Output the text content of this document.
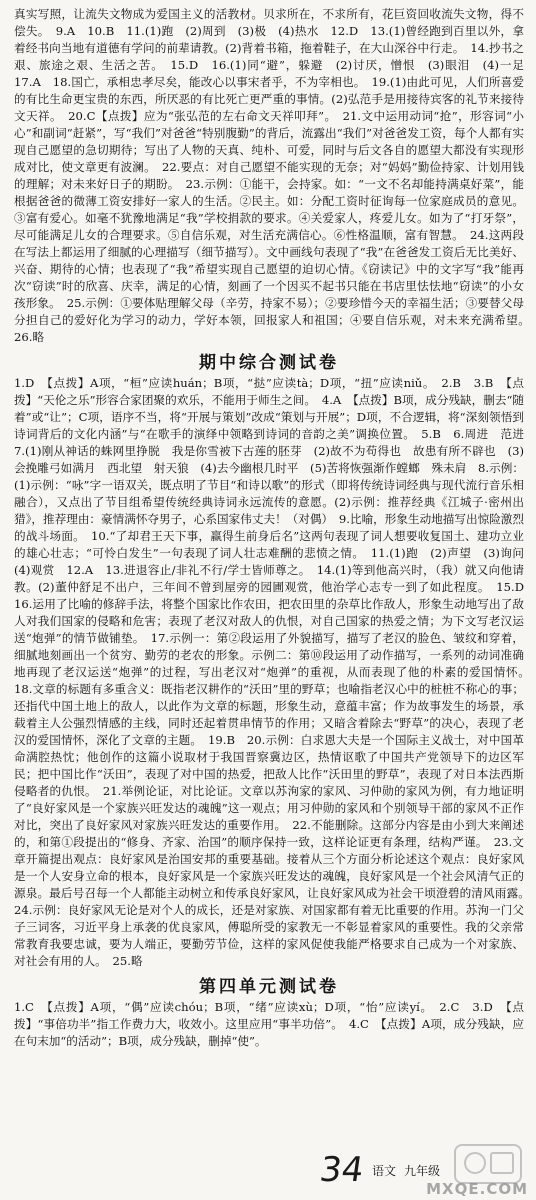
真实写照，让流失文物成为爱国主义的活教材。贝求所在，不求所有，花巨资回收流失文物，得不偿失。　9.A　10.B　11.(1)跑　(2)周到　(3)极　(4)热水　12.D　13.(1)曾经跑到百里以外，拿着经书向当地有道德有学问的前辈请教。(2)背着书箱，拖着鞋子，在大山深谷中行走。　14.抄书之艰、旅途之艰、生活之苦。　15.D　16.(1)同“避”，躲避　(2)讨厌，憎恨　(3)眼泪　(4)一足　17.A　18.国亡，承相忠孝尽矣，能改心以事宋者乎，不为宰相也。　19.(1)由此可见，人们所喜爱的有比生命更宝贵的东西，所厌恶的有比死亡更严重的事情。(2)弘范手是用接待宾客的礼节来接待文天祥。　20.C【点拨】应为“张弘范的左右命文天祥叩拜”。　21.文中运用动词“抢”，形容词“小心”和副词“赶紧”，写“我们”对爸爸“特别腹勤”的背后，流露出“我们”对爸爸发工资，每个人都有实现自己愿望的急切期待；写出了人物的天真、纯朴、可爱，同时与后文各自的愿望大都没有实现形成对比，使文章更有波澜。　22.要点：对自己愿望不能实现的无奈；对“妈妈”勤俭持家、计划用钱的理解；对未来好日子的期盼。　23.示例：①能干，会持家。如：“一文不名却能持满桌好菜”，能根据爸爸的微薄工资安排好一家人的生活。②民主。如：分配工资时征询每一位家庭成员的意见。③富有爱心。如毫不犹豫地满足“我”学校捐款的要求。④关爱家人，疼爱儿女。如为了“打牙祭”，尽可能满足儿女的合理要求。⑤自信乐观，对生活充满信心。⑥性格温顺，富有智慧。　24.这两段在写法上都运用了细腻的心理描写（细节描写）。文中画线句表现了“我”在爸爸发工资后无比美好、兴奋、期待的心情；也表现了“我”希望实现自己愿望的迫切心情。《窃读记》中的文字写“我”能再次“窃读”时的欣喜、庆幸，满足的心情，刻画了一个因买不起书只能在书店里怯怯地“窃读”的小女孩形象。　25.示例：①要体贴理解父母（辛劳，持家不易）；②要珍惜今天的幸福生活；③要替父母分担自己的爱好化为学习的动力，学好本领，回报家人和祖国；④要自信乐观，对未来充满希望。　26.略

期中综合测试卷

1.D　【点拨】A项，“桓”应读huán；B项，“挞”应读tà；D项，“扭”应读niǔ。　2.B　3.B　【点拨】“天伦之乐”形容合家团聚的欢乐，不能用于师生之间。　4.A　【点拨】B项，成分残缺，删去“随着”或“让”；C项，语序不当，将“开展与策划”改成“策划与开展”；D项，不合逻辑，将“深刻领悟到诗词背后的文化内涵”与“在歌手的演绎中领略到诗词的音韵之美”调换位置。　5.B　6.周进　范进　7.(1)刚从神话的蛛网里挣脱　我是你雪被下古莲的胚芽　(2)故不为苟得也　故患有所不辟也　(3)会挽雕弓如满月　西北望　射天狼　(4)去今幽根几时平　(5)苦将恢强渐作螳螂　殊未肩　8.示例：(1)示例：“咏”字一语双关，既点明了节目“和诗以歌”的形式（即将传统诗词经典与现代流行音乐相融合），又点出了节目组希望传统经典诗词永远流传的意愿。(2)示例：推荐经典《江城子·密州出猎》，推荐理由：豪情满怀夺男子，心系国家伟丈夫！（对偶）　9.比喻，形象生动地描写出惊险激烈的战斗场面。　10.“了却君王天下事，赢得生前身后名”这两句表现了词人想要收复国土、建功立业的雄心壮志；“可怜白发生”一句表现了词人壮志难酬的悲愤之情。　11.(1)跑　(2)声望　(3)询问　(4)观赏　12.A　13.进退容止/非礼不行/学士皆师尊之。　14.(1)等到他高兴时，（我）就又向他请教。(2)董仲舒足不出户，三年间不曾到屋旁的园圃观赏，他治学心志专一到了如此程度。　15.D　16.运用了比喻的修辞手法，将整个国家比作农田，把农田里的杂草比作敌人，形象生动地写出了敌人对我们国家的侵略和危害；表现了老汉对敌人的仇恨，对自己国家的热爱之情；为下文写老汉运送“炮弹”的情节做铺垫。　17.示例一：第②段运用了外貌描写，描写了老汉的脸色、皱纹和穿着，细腻地刻画出一个贫穷、勤劳的老农的形象。示例二：第⑩段运用了动作描写，一系列的动词准确地再现了老汉运送“炮弹”的过程，写出老汉对“炮弹”的重视，从而表现了他的朴素的爱国情怀。　18.文章的标题有多重含义：既指老汉耕作的“沃田”里的野草；也喻指老汉心中的桩桩不称心的事；还指代中国土地上的敌人，以此作为文章的标题，形象生动，意蕴丰富；作为故事发生的场景，承载着主人公强烈情感的主线，同时还起着贯串情节的作用；又暗含着除去“野草”的决心，表现了老汉的爱国情怀，深化了文章的主题。　19.B　20.示例：白求恩大夫是一个国际主义战士，对中国革命满腔热忱；他创作的这篇小说取材于我国晋察冀边区，热情讴歌了中国共产党领导下的边区军民；把中国比作“沃田”，表现了对中国的热爱，把敌人比作“沃田里的野草”，表现了对日本法西斯侵略者的仇恨。　21.举例论证，对比论证。文章以苏洵家的家风、习仲勋的家风为例，有力地证明了“良好家风是一个家族兴旺发达的魂魄”这一观点；用习仲勋的家风和个别领导干部的家风不正作对比，突出了良好家风对家族兴旺发达的重要作用。　22.不能删除。这部分内容是由小到大来阐述的，和第①段提出的“修身、齐家、治国”的顺序保持一致，这样论证更有条理，结构严谨。　23.文章开篇提出观点：良好家风是治国安邦的重要基础。接着从三个方面分析论述这个观点：良好家风是一个人安身立命的根本，良好家风是一个家族兴旺发达的魂魄，良好家风是一个社会风清气正的源泉。最后号召每一个人都能主动树立和传承良好家风，让良好家风成为社会干顷澄碧的清风雨露。　24.示例：良好家风无论是对个人的成长，还是对家族、对国家都有着无比重要的作用。苏洵一门父子三词客，习近平身上承袭的优良家风，傅聪所受的家教无一不彰显着家风的重要性。我的父亲常常教育我要忠诚，要为人端正，要勤劳节俭，这样的家风促使我能严格要求自己成为一个对家族、对社会有用的人。　25.略

第四单元测试卷

1.C　【点拨】A项，“偶”应读chóu；B项，“绪”应读xù；D项，“怡”应读yí。　2.C　3.D　【点拨】“事倍功半”指工作费力大，收效小。这里应用“事半功倍”。　4.C　【点拨】A项，成分残缺，应在句末加“的活动”；B项，成分残缺，删掉“使”。

34 语文 九年级
MXQE.COM
